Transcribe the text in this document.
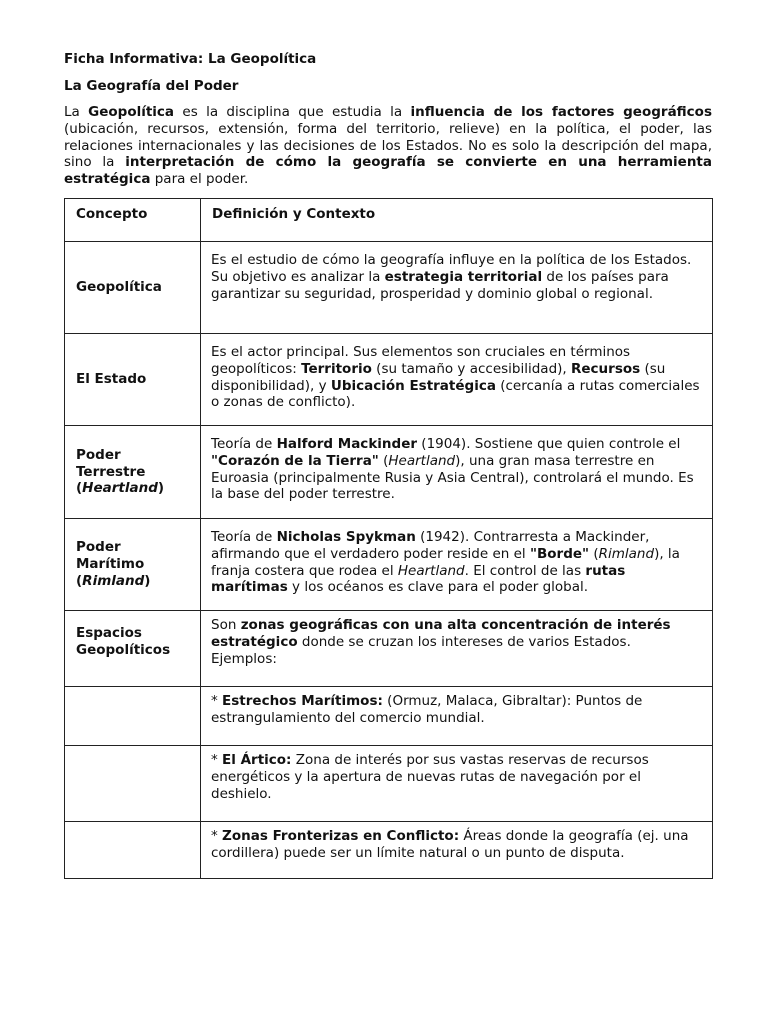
Ficha Informativa: La Geopolítica

La Geografía del Poder

La Geopolítica es la disciplina que estudia la influencia de los factores geográficos (ubicación, recursos, extensión, forma del territorio, relieve) en la política, el poder, las relaciones internacionales y las decisiones de los Estados. No es solo la descripción del mapa, sino la interpretación de cómo la geografía se convierte en una herramienta estratégica para el poder.

Concepto	Definición y Contexto

Geopolítica	Es el estudio de cómo la geografía influye en la política de los Estados. Su objetivo es analizar la estrategia territorial de los países para garantizar su seguridad, prosperidad y dominio global o regional.

El Estado	Es el actor principal. Sus elementos son cruciales en términos geopolíticos: Territorio (su tamaño y accesibilidad), Recursos (su disponibilidad), y Ubicación Estratégica (cercanía a rutas comerciales o zonas de conflicto).

Poder Terrestre
(Heartland)	Teoría de Halford Mackinder (1904). Sostiene que quien controle el "Corazón de la Tierra" (Heartland), una gran masa terrestre en Euroasia (principalmente Rusia y Asia Central), controlará el mundo. Es la base del poder terrestre.

Poder Marítimo
(Rimland)	Teoría de Nicholas Spykman (1942). Contrarresta a Mackinder, afirmando que el verdadero poder reside en el "Borde" (Rimland), la franja costera que rodea el Heartland. El control de las rutas marítimas y los océanos es clave para el poder global.

Espacios Geopolíticos	Son zonas geográficas con una alta concentración de interés estratégico donde se cruzan los intereses de varios Estados. Ejemplos:

	* Estrechos Marítimos: (Ormuz, Malaca, Gibraltar): Puntos de estrangulamiento del comercio mundial.

	* El Ártico: Zona de interés por sus vastas reservas de recursos energéticos y la apertura de nuevas rutas de navegación por el deshielo.

	* Zonas Fronterizas en Conflicto: Áreas donde la geografía (ej. una cordillera) puede ser un límite natural o un punto de disputa.
